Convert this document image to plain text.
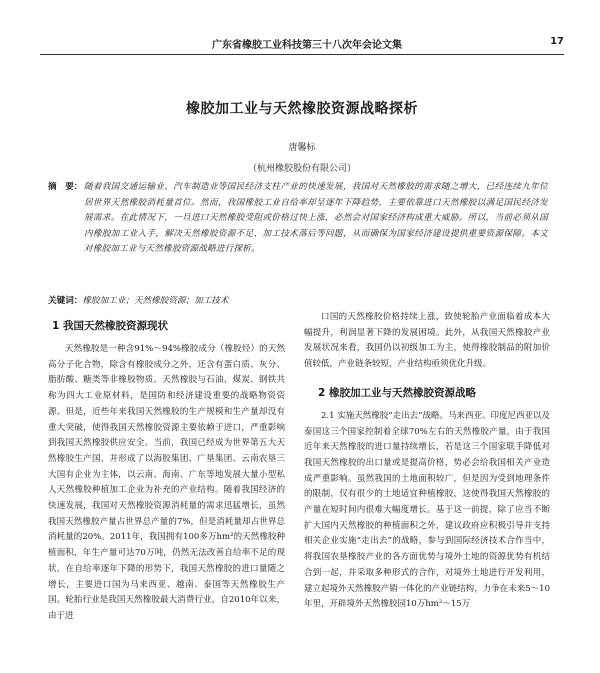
广东省橡胶工业科技第三十八次年会论文集	17
橡胶加工业与天然橡胶资源战略探析
唐馨标
（杭州橡胶股份有限公司）
摘　要： 随着我国交通运输业、汽车制造业等国民经济支柱产业的快速发展，我国对天然橡胶的需求随之增大，已经连续九年位居世界天然橡胶消耗量首位。然而，我国橡胶工业自给率却呈逐年下降趋势，主要依靠进口天然橡胶以满足国民经济发展需求。在此情况下，一旦进口天然橡胶受阻或价格过快上涨，必然会对国家经济构成重大威胁。所以，当前必须从国内橡胶加工业入手，解决天然橡胶资源不足、加工技术落后等问题，从而确保为国家经济建设提供重要资源保障。本文对橡胶加工业与天然橡胶资源战略进行探析。

关键词：橡胶加工业；天然橡胶资源；加工技术
1 我国天然橡胶资源现状

天然橡胶是一种含91%～94%橡胶成分（橡胶烃）的天然高分子化合物，除含有橡胶成分之外，还含有蛋白质、灰分、脂肪酸、糖类等非橡胶物质。天然橡胶与石油、煤炭、钢铁共称为四大工业原材料，是国防和经济建设重要的战略物资资源。但是，近些年来我国天然橡胶的生产规模和生产量却没有重大突破，使得我国天然橡胶资源主要依赖于进口，严重影响到我国天然橡胶供应安全。当前，我国已经成为世界第五大天然橡胶生产国，并形成了以海胶集团、广垦集团、云南农垦三大国有企业为主体，以云南、海南、广东等地发展大量小型私人天然橡胶种植加工企业为补充的产业结构。随着我国经济的快速发展，我国对天然橡胶资源消耗量的需求迅猛增长，虽然我国天然橡胶产量占世界总产量的7%，但是消耗量却占世界总消耗量的20%。2011年，我国拥有100多万hm²的天然橡胶种植面积，年生产量可达70万吨，仍然无法改善自给率不足的现状，在自给率逐年下降的形势下，我国天然橡胶的进口量随之增长，主要进口国为马来西亚、越南、泰国等天然橡胶生产国。轮胎行业是我国天然橡胶最大消费行业，自2010年以来，由于进

口国的天然橡胶价格持续上涨，致使轮胎产业面临着成本大幅提升，利润显著下降的发展困境。此外，从我国天然橡胶产业发展状况来看，我国仍以初级加工为主，使得橡胶制品的附加价值较低，产业链条较短，产业结构亟须优化升级。

2 橡胶加工业与天然橡胶资源战略

2.1 实施天然橡胶“走出去”战略。马来西亚、印度尼西亚以及泰国这三个国家控制着全球70%左右的天然橡胶产量，由于我国近年来天然橡胶的进口量持续增长，若是这三个国家联手降低对我国天然橡胶的出口量或是提高价格，势必会给我国相关产业造成严重影响。虽然我国的土地面积较广，但是因为受到地理条件的限制，仅有很少的土地适宜种植橡胶，这使得我国天然橡胶的产量在短时间内很难大幅度增长。基于这一前提，除了应当不断扩大国内天然橡胶的种植面积之外，建议政府应积极引导并支持相关企业实施“走出去”的战略，参与到国际经济技术合作当中，将我国农垦橡胶产业的各方面优势与境外土地的资源优势有机结合到一起，并采取多种形式的合作，对境外土地进行开发利用，建立起境外天然橡胶产销一体化的产业链结构，力争在未来5～10年里，开辟境外天然橡胶园10万hm²～15万
